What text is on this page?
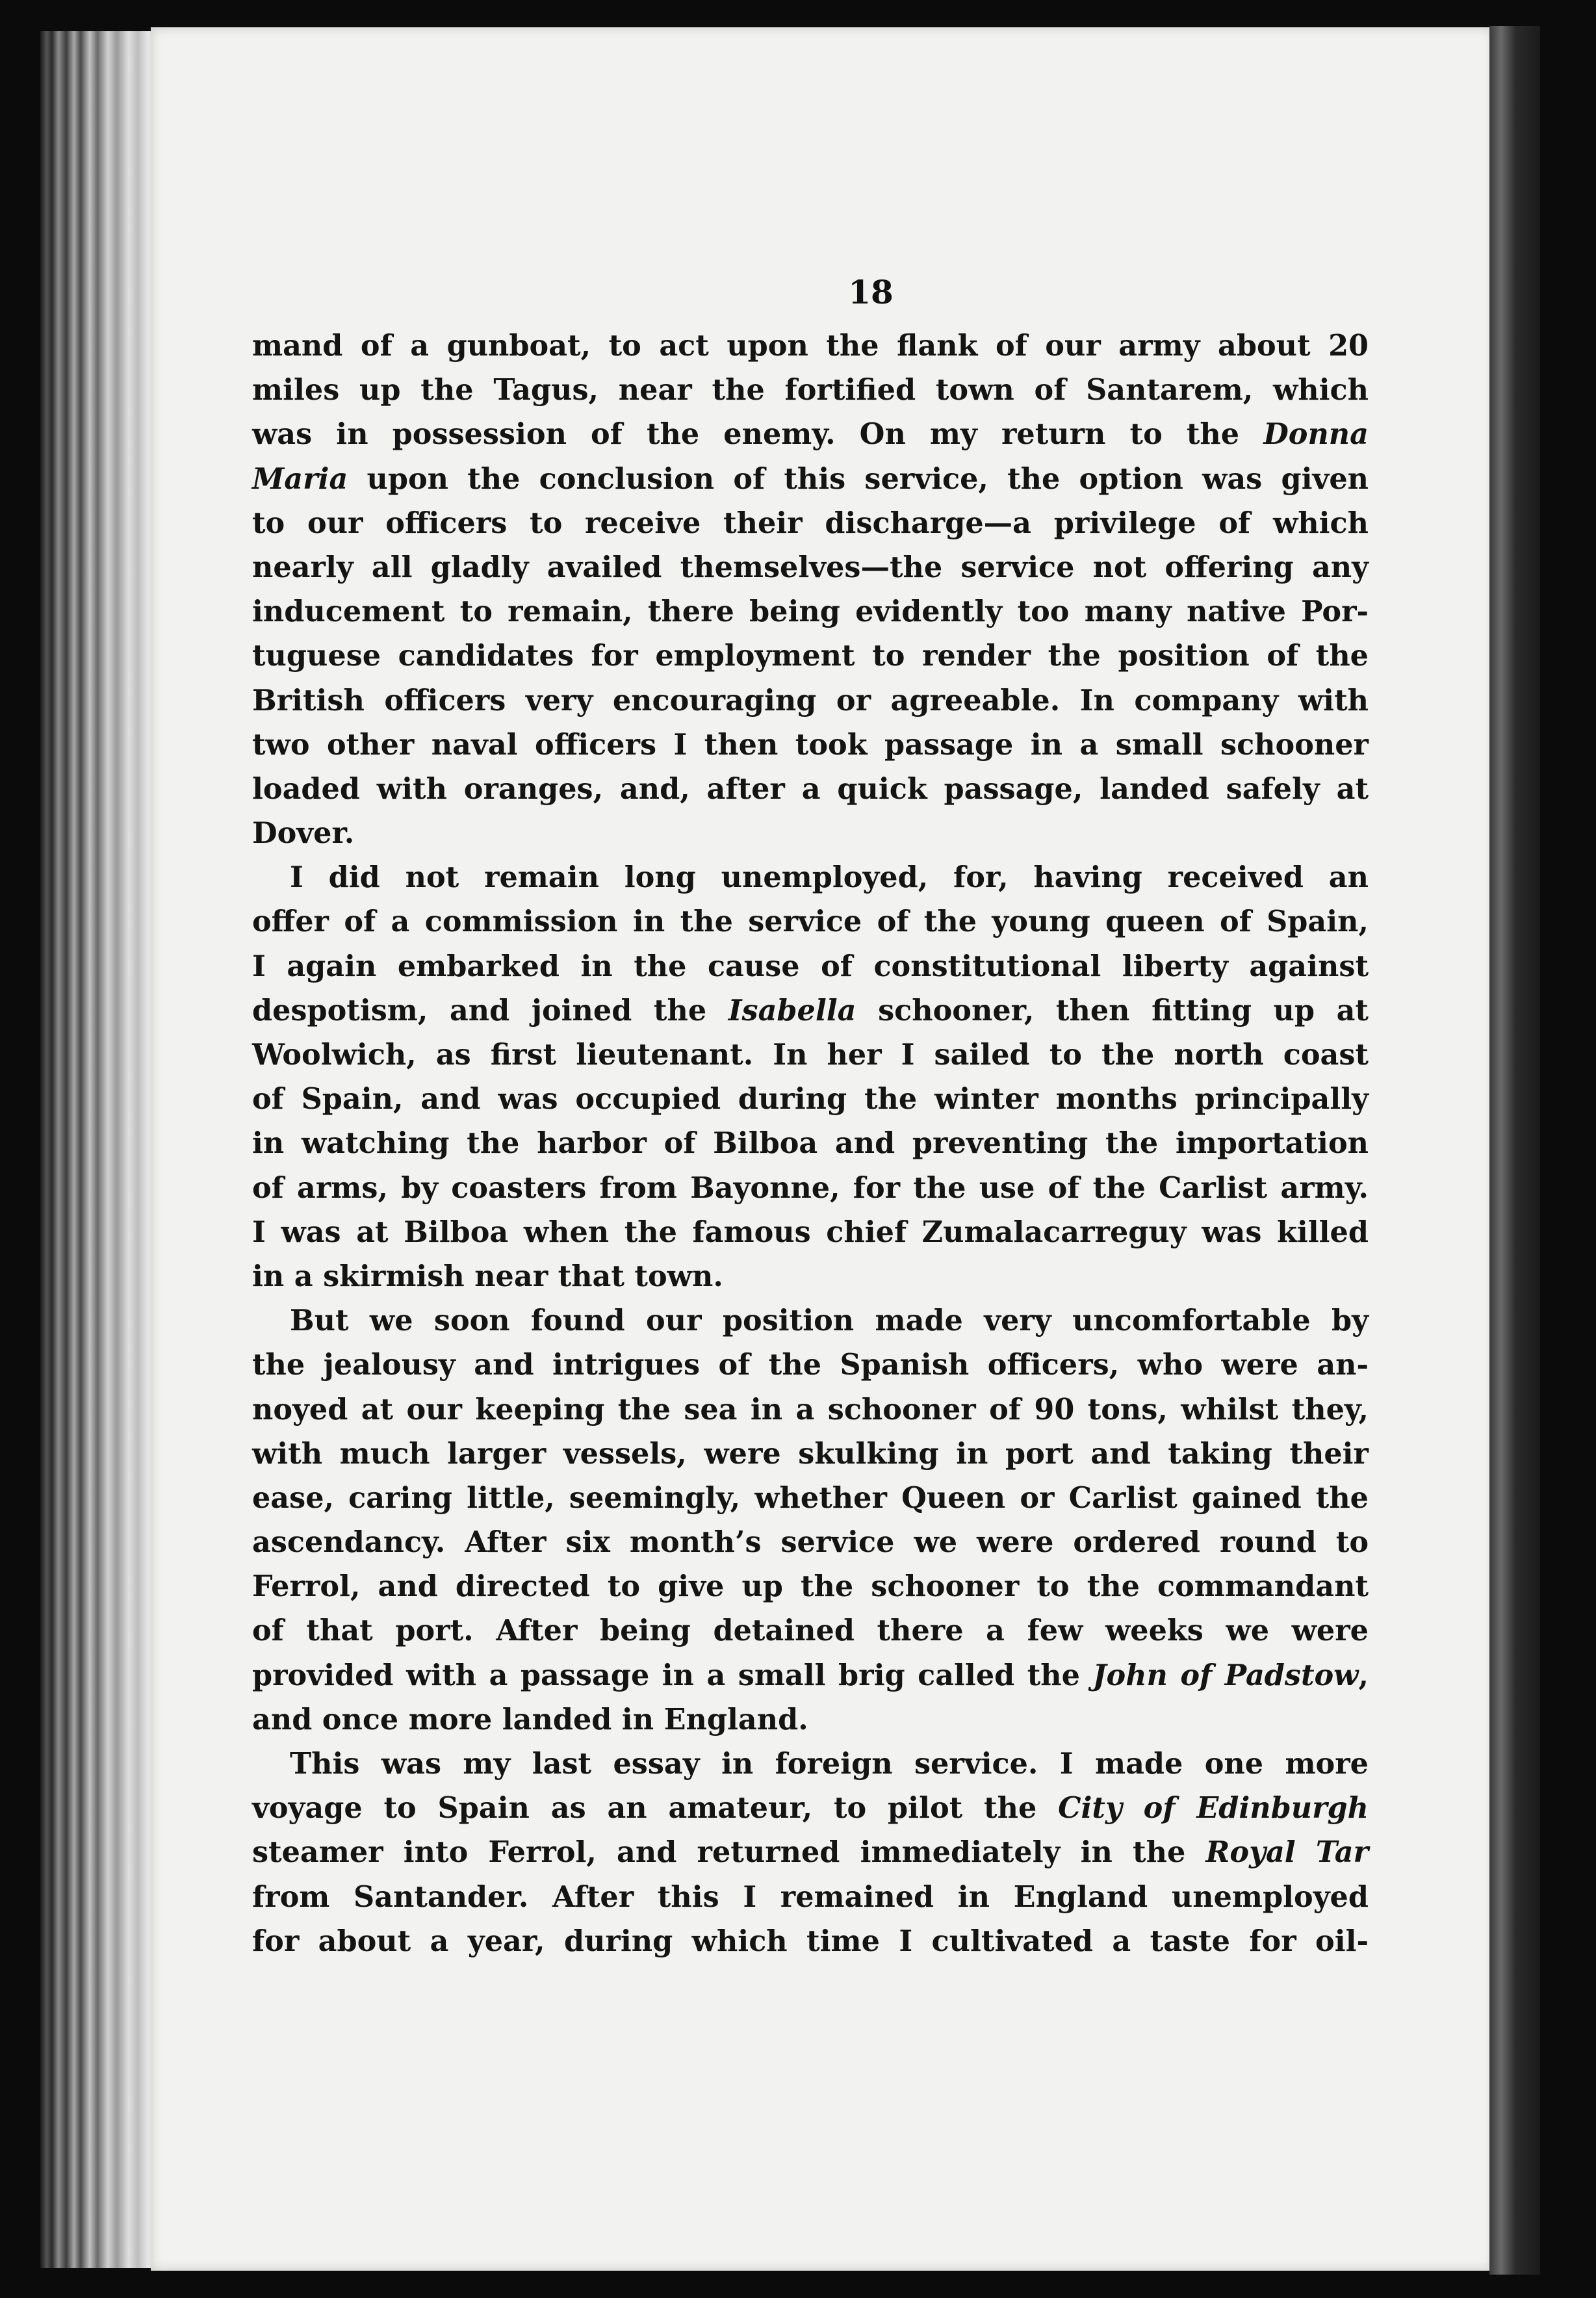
18
mand of a gunboat, to act upon the flank of our army about 20
miles up the Tagus, near the fortified town of Santarem, which
was in possession of the enemy. On my return to the Donna
Maria upon the conclusion of this service, the option was given
to our officers to receive their discharge—a privilege of which
nearly all gladly availed themselves—the service not offering any
inducement to remain, there being evidently too many native Por-
tuguese candidates for employment to render the position of the
British officers very encouraging or agreeable. In company with
two other naval officers I then took passage in a small schooner
loaded with oranges, and, after a quick passage, landed safely at
Dover.
I did not remain long unemployed, for, having received an
offer of a commission in the service of the young queen of Spain,
I again embarked in the cause of constitutional liberty against
despotism, and joined the Isabella schooner, then fitting up at
Woolwich, as first lieutenant. In her I sailed to the north coast
of Spain, and was occupied during the winter months principally
in watching the harbor of Bilboa and preventing the importation
of arms, by coasters from Bayonne, for the use of the Carlist army.
I was at Bilboa when the famous chief Zumalacarreguy was killed
in a skirmish near that town.
But we soon found our position made very uncomfortable by
the jealousy and intrigues of the Spanish officers, who were an-
noyed at our keeping the sea in a schooner of 90 tons, whilst they,
with much larger vessels, were skulking in port and taking their
ease, caring little, seemingly, whether Queen or Carlist gained the
ascendancy. After six month’s service we were ordered round to
Ferrol, and directed to give up the schooner to the commandant
of that port. After being detained there a few weeks we were
provided with a passage in a small brig called the John of Padstow,
and once more landed in England.
This was my last essay in foreign service. I made one more
voyage to Spain as an amateur, to pilot the City of Edinburgh
steamer into Ferrol, and returned immediately in the Royal Tar
from Santander. After this I remained in England unemployed
for about a year, during which time I cultivated a taste for oil-
